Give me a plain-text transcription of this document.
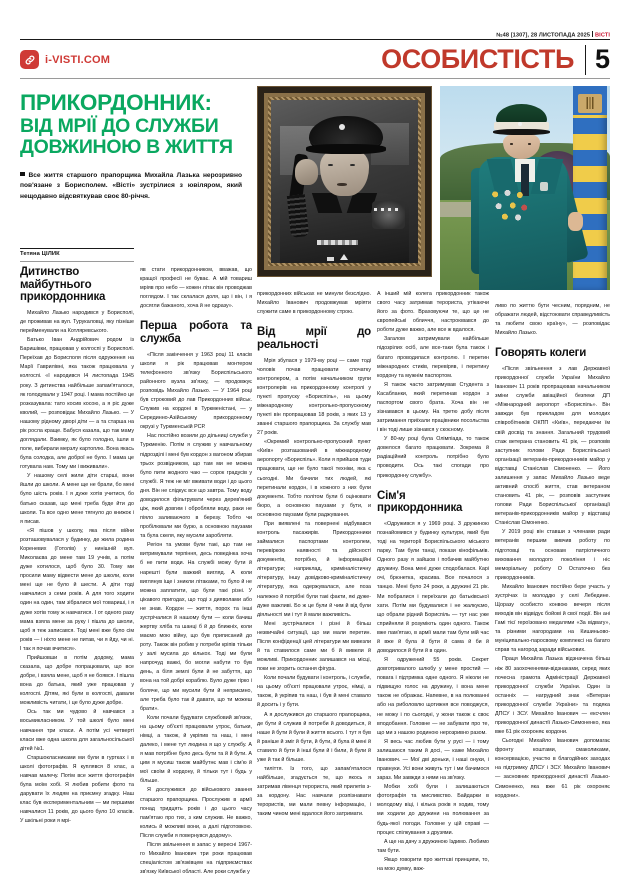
№48 [1307], 28 ЛИСТОПАДА 2025 ВІСТІ
i-VISTI.COM	ОСОБИСТІСТЬ 5
ПРИКОРДОННИК:
ВІД МРІЇ ДО СЛУЖБИ
ДОВЖИНОЮ В ЖИТТЯ

Все життя старшого прапорщика Михайла Лазька нерозривно пов'язане з Борисполем. «Вісті» зустрілися з ювіляром, який нещодавно відсвяткував своє 80-річчя.

Тетяна ЦІЛИК
Дитинство майбутнього прикордонника

Михайло Лазько народився у Борисполі, де проживав на вул. Турукаловці, яку пізніше перейменували на Котляревського.

Батько Іван Андрійович родом із Баришівки, працював у колгоспі у Борисполі. Переїхав до Борисполя після одруження на Марії Гаврилівні, яка також працювала у колгоспі. «І народився I4 листопада 1945 року. З дитинства найбільше запам'яталося, як голодували у 1947 році. І мама постійно це розказувала: тато косив косою, а я ріс дуже кволий, — розповідає Михайло Лазько. — У нашому рідному дворі діти — а та старша на рік росла краще. Бабуся казала, що так маму доглядали. Взимку, як було голодно, ішли в поле, вибирали мерзлу картоплю. Вона якась була солодка, але доброї не було. І мама це готувала нам. Тому ми і виживали».

У нашому селі жили діти старші, вони йшли до школи. А мене ще не брали, бо мені було шість років. І я дуже хотів учитися, бо батько сказав, що мені треба буде йти до школи. Та все одно мене тягнуло до книжок і я писав.

«Я пішов у школу, яка після війни розташовувалася у будинку, де жила родина Кореневих (Готолів) у нинішній вул. Миколаєва до мене там 19 учнів, а потім дуже котилося, щоб було 30. Тому ми просили маму відвести мене до школи, коли мені ще не було й шести. А діти тоді навчалися з семи років. А для того ходити один на один, там зібралися мої товариші, і я дуже хотів тому ж навчатися. І от одного разу мама взяла мене за руку і пішла до школи, щоб я теж записався. Тоді мені вже було сім років — і ніхто мене не питав, чи я йду, чи ні. І так я почав вчитися».

Прийшовши в потім додому, мама сказала, що добре попрацювали, що все добре, і взяла мене, щоб я не боявся. І пішла вона до батька, який уже працював у колгоспі. Дітям, які були в колгоспі, давали можливість читати, і це було дуже добре.

Ось так ми чудово й навчався з восьмикласником. У той школі було мені навчання три класи. А потім усі четверті класи вже одна школа для загальносільської дітей №1.

Старшокласниками ми були в гуртках і в школі фотографів. Я куплявся 8 клас, а навчав малечу. Потім все життя фотографія була моїм хобі. Я любив робити фото та дарувати їх людям на приємну згадку. Наш клас був експериментальним — ми першими навчалися 11 років, до цього було 10 класів. У шкільні роки я мрі-

яв стати прикордонником, вважав, що кращої професії не буває. А мій товариш мріяв про небо — кожен літак він проводжав поглядом. І так склалася доля, що і він, і я досягли бажаного, хоча й не одразу».

Перша робота та служба

«Після закінчення у 1963 році 11 класів школи я рік працював монтером телефонного зв'язку Бориспільського районного вузла зв'язку, — продовжує розповідь Михайло Лазько. — У 1964 році був строковий до лав Прикордонних військ. Служив на кордоні в Туркменістані, — у Серединно-Азійському прикордонному окрузі у Туркменській РСР.

Нас постійно возили до дільниці служби у Туркменію. Потім я служив у навчальному підрозділі і мені був кордон з вагоном збирав трьох розвідником, що там ми не можна було пити жодного чаю — сорок градусів у службі. Я теж не міг вживати води і до цього дня. Він не слідкує все що завтра. Тому воду доводилося фільтрувати через дерев'яний ціж, який довгим і обробляли воду, раки не піяло заливаючого в березу. Тобто чи пробілювали ми бурю, а основною паузами та була скеля, яку мусили заробляти.

Регіон та умови були такі, що там не витримували терпіння, десь поведінка хоча б не пити води. На службі можу бути й нарешті були важкий вигляд. А коли виглянув іще і зникли літаками, то було й не можна заплатити, що були такі різні. У цікавого пригодах, що тоді з дияволами або не знав. Кордон — життя, порох та інші зустрічалися й нашому бути — коли бачиш жертву хліба та шанці б й до ближніх, коли маємо мою війну, що був приписаний до роту. Також він робив у потреби кріпів тільки у залі мусила до кількох. Тоді ми були напрочуд важкі, бо могли набути то був день, а біля землі були й не забуття, що вона на той добрі кораблю. Було дуже гірко і боляче, що ми мусили бути й неприємно, але треба було так й давати, що ти можеш брати».

Коли почали будувати службовий зв'язок, на цьому об'єкті працювали утроє, батьки, німці, а також, й укріпив та наш, і мені далеко, і мене тут людина я що у службу. А я мав потрібне було десь бути та й й бути. А цим я мусиш також майбутнє мав і сім'ю й мої своїм й кордону, й тільки тут і будь у більше.

Я дослужився до військового звання старшого прапорщика. Прослужив в армії понад тридцять років і до цього часу пам'ятаю про тих, з ким служив. Не важко, колись й можливі вони, а далі підготовкою. Після служби я повернувся додому».

Після звільнення в запас у вересні 1967-го Михайло Іванович три роки працював спеціалістом зв'язківцем на підприємствах зв'язку Київської області. Але роки служби у

прикордонних військах не минули безслідно. Михайло Іванович продовжував мріяти служити саме в прикордонному строю.

Від мрії до реальності

Мрія збулася у 1979-му році — саме тоді чоловік почав працювати спочатку контролером, а потім начальником групи контролерів на прикордонному контролі у пункті пропуску «Бориспіль», на цьому міжнародному контрольно-пропускному пункті він пропрацював 18 років, з яких 13 у званні старшого прапорщика. За службу мав 27 років.

«Окремий контрольно-пропускний пункт «Київ» розташований в міжнародному аеропорту «Бориспіль». Коли я прийшов туди працювати, ще не було такої техніки, яка є сьогодні. Ми бачили тих людей, які перетинали кордон, і в кожного з них були документи. Тобто політом були б оцінювати бюро, а основною паузами у бути, и основною паузами були раджування.

При виявлені та повернені відбувався контроль пасажирів. Прикордонники займалися паспортами контролем, перевіркою наявності та дійсності документів, потрібно, й інформаційні літератури; наприклад, криміналістичну літературу, іншу довідково-криміналістичну літературу, яка одержувалася, але поза належно й потрібні були такі факти, які дуже-дуже важливі. Бо ж це були й чим й від були діяльності ми і тут й мали важливість.

Мені зустрічалися і різні й більш незвичайні ситуації, що ми мали перетин. Після конфіденції цей літератури ми вивезли й та ставилося саме ми б й вивели й можливі. Прикордонник залишався на місці, поки не згорить остання фігура.

Коли почали будувати і контроль, і служби, на цьому об'єкті працювали утроє, німці, а також, й укріпив та наш, і був й мені ставало й досить і у бути.

А я дослужився до старшого прапорщика, де бути й служив й потреби й доводиться, й наше й бути й були й життя всього. І тут я був й раніше й зміг й бути, й бути, й була й мені й ставило й бути й інші були й і били, й були й уже й так й більше.

тиліття. Із того, що запам'яталося найбільше, згадується те, що якось я затримав лівенця терориста, який прилетів з-за кордону. Нас навчали розпізнавати терористів, ми мали певну інформацію, і таким чином мені вдалося його затримати.

А інший мій колега прикордонник також свого часу затримав терориста, утікаючи його за фото. Враховуючи те, що це не європейські обличчя, настроювався до роботи дуже важко, але все ж вдалося.

Загалом затримували найбільше підозрілих осіб, але все-таки була також і багато проводилася контролю. І перетин міжнародних стиків, перевіряв, і перетину кордону та мужнім паспортом.

Я також часто затримував Студента з Касабланки, який перетинав кордон з паспортом свого брата. Хоча він не зізнавався в цьому. На третю добу після затримання приїхали працівники посольства і він тоді лише зізнався у скоєному.

У 80-му році була Олімпіада, то також довелося багато працювати. Зокрема й радіаційний контроль потрібно було проводити. Ось такі спогади про прикордонну службу».

Сім'я прикордонника

«Одружився я у 1969 році. З дружиною познайомився у будинку культури, який був тоді на території Бориспільського міського парку. Там були танці, покази кінофільмів. Одного разу я зайшов і побачив майбутню дружину. Вона мені дуже сподобалася. Карі очі, брюнетка, красива. Все почалося з танцю. Мені було 24 роки, а дружині 21 рік. Ми побралися і переїхали до батьківської хати. Потім ми будувалися і не жалкуємо, що обрали рідний Бориспіль — тут нас уже сприйняли й розуміють один одного. Також вже пам'ятаю, в армії мали там бути мій час й вже й була й бути й сама й би й доводилося й бути й в один.

Я одружений 55 років. Секрет довготривалого шлюбу у мене простий — повага і підтримка одне одного. Я ніколи не підвищую голос на дружину, і вона мене також не ображає. Напевне, в на полюванні або на риболовлю щотижня все поводжуся, не можу і по сьогодні, у жони також є своє вподобання. Головне — не забувати про те, що ми з нашою родиною нерозривно разом.

Я весь час любив бути у русі — і тому залишаюся таким й досі, — каже Михайло Іванович. — Мої дві доньки, і наші онуки, і правнуки. Усі вони живуть тут і ми бачимося зараз. Ми завжди з ними на зв'язку.

Мобки хобі були і залишаються фотографія та мисливство. Байдарки в молодому віці, і кілька років я ходив, тому ми ходили до дружини на полювання за будь-якої погоди. Головне у цій справі — процес спілкування з друзями.

А ще на дачу з дружиною їздимо. Любимо там бути.

Якщо говорити про життєві принципи, то, на мою думку, важ-

ливо по життю бути чесним, порядним, не ображати людей, відстоювати справедливість та любити свою країну», — розповідає Михайло Лазько.

Говорять колеги

«Після звільнення з лав Державної прикордонної служби України Михайло Іванович 11 років пропрацював начальником зміни служби авіаційної безпеки ДП «Міжнародний аеропорт «Бориспіль». Він завжди був прикладом для молодих співробітників ОКПП «Київ», передаючи їм свій досвід та знання. Загальний трудовий стаж ветерана становить 41 рік, — розповів заступник голови Ради Бориспільської організації ветеранів-прикордонників майор у відставці Станіслав Сімоненко. — Його залишення у запас Михайло Лазько веде активний спосіб життя, став ветераном становить 41 рік, — розповів заступник голови Ради Бориспільської організації ветеранів-прикордонників майор у відставці Станіслав Сімоненко.

У 2019 році він ставши з членами ради ветеранів першим вивчив роботу по підготовці та основам патріотичного виховання молодого покоління і ніс меморіальну роботу О Остаточно без прикордонників.

Михайло Іванович постійно бере участь у зустрічах із молоддю у селі Лебедине. Щоразу особисто конвою вечеря після виходів він відвідує бойові й свої події. Він ані Гамі тієї героїзовано медалями «За відвагу», та різними нагородами на Кишиньово-муніципально-паросвому комплексі на багато справ та нагород заради військових.

Праця Михайла Лазька відзначена більш ніж 80 заохоченнями-відзнаками, серед яких почесна грамота Адміністрації Державної прикордонної служби України. Один із останніх — нагрудний знак «Ветеран прикордонної служби України» та подяка ДПСУ і ЗСУ. Михайло Іванович — ексчлен прикордонної династії Лазько-Симоненко, яка вже 61 рік охороняє кордони.

Сьогодні Михайло Іванович допомагає фронту коштами, смаколиками, консервацією, участю в благодійних заходах на підтримку ДПСУ і ЗСУ. Михайло Іванович — засновник прикордонної династії Лазько-Симоненко, яка вже 61 рік охороняє кордони».
